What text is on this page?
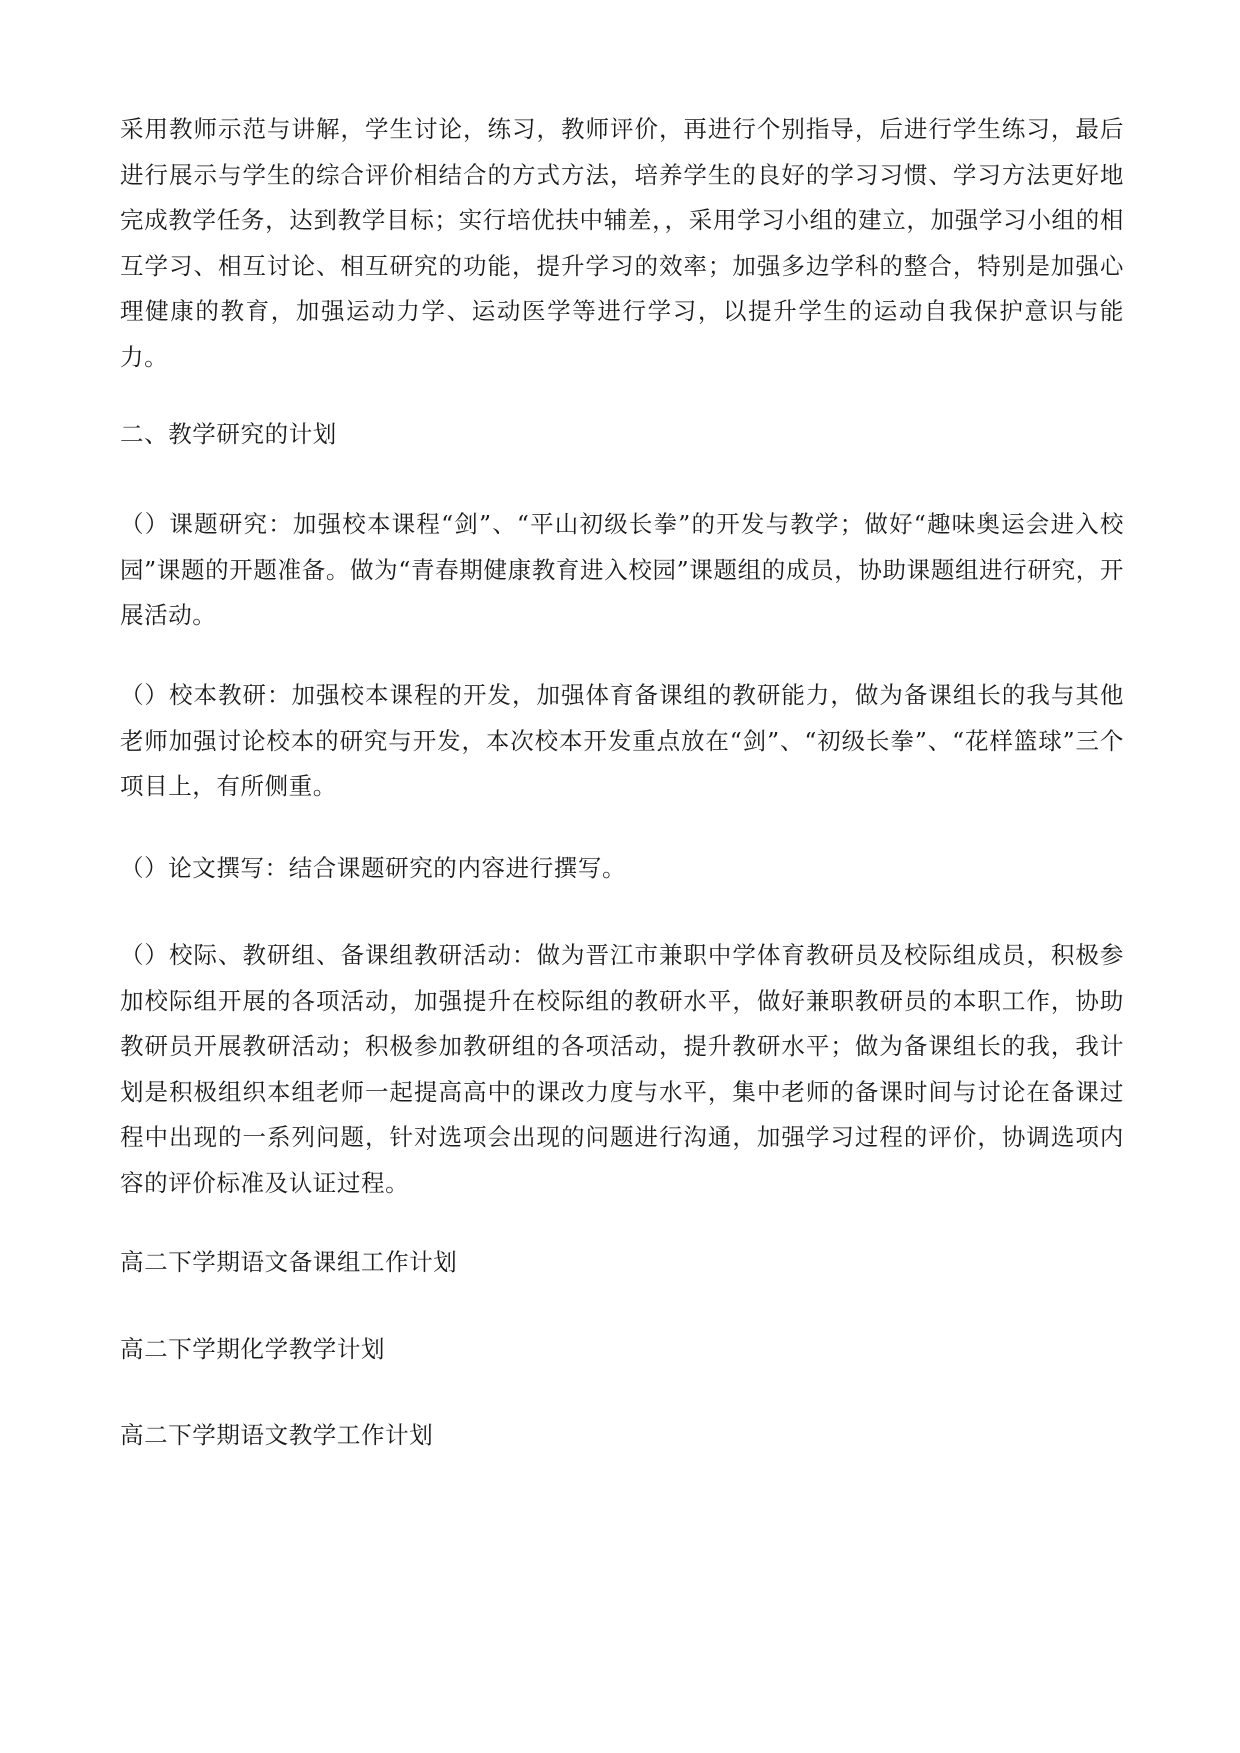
采用教师示范与讲解，学生讨论，练习，教师评价，再进行个别指导，后进行学生练习，最后进行展示与学生的综合评价相结合的方式方法，培养学生的良好的学习习惯、学习方法更好地完成教学任务，达到教学目标；实行培优扶中辅差，，采用学习小组的建立，加强学习小组的相互学习、相互讨论、相互研究的功能，提升学习的效率；加强多边学科的整合，特别是加强心理健康的教育，加强运动力学、运动医学等进行学习，以提升学生的运动自我保护意识与能力。

二、教学研究的计划

（）课题研究：加强校本课程“剑”、“平山初级长拳”的开发与教学；做好“趣味奥运会进入校园”课题的开题准备。做为“青春期健康教育进入校园”课题组的成员，协助课题组进行研究，开展活动。

（）校本教研：加强校本课程的开发，加强体育备课组的教研能力，做为备课组长的我与其他老师加强讨论校本的研究与开发，本次校本开发重点放在“剑”、“初级长拳”、“花样篮球”三个项目上，有所侧重。

（）论文撰写：结合课题研究的内容进行撰写。

（）校际、教研组、备课组教研活动：做为晋江市兼职中学体育教研员及校际组成员，积极参加校际组开展的各项活动，加强提升在校际组的教研水平，做好兼职教研员的本职工作，协助教研员开展教研活动；积极参加教研组的各项活动，提升教研水平；做为备课组长的我，我计划是积极组织本组老师一起提高高中的课改力度与水平，集中老师的备课时间与讨论在备课过程中出现的一系列问题，针对选项会出现的问题进行沟通，加强学习过程的评价，协调选项内容的评价标准及认证过程。

高二下学期语文备课组工作计划

高二下学期化学教学计划

高二下学期语文教学工作计划
